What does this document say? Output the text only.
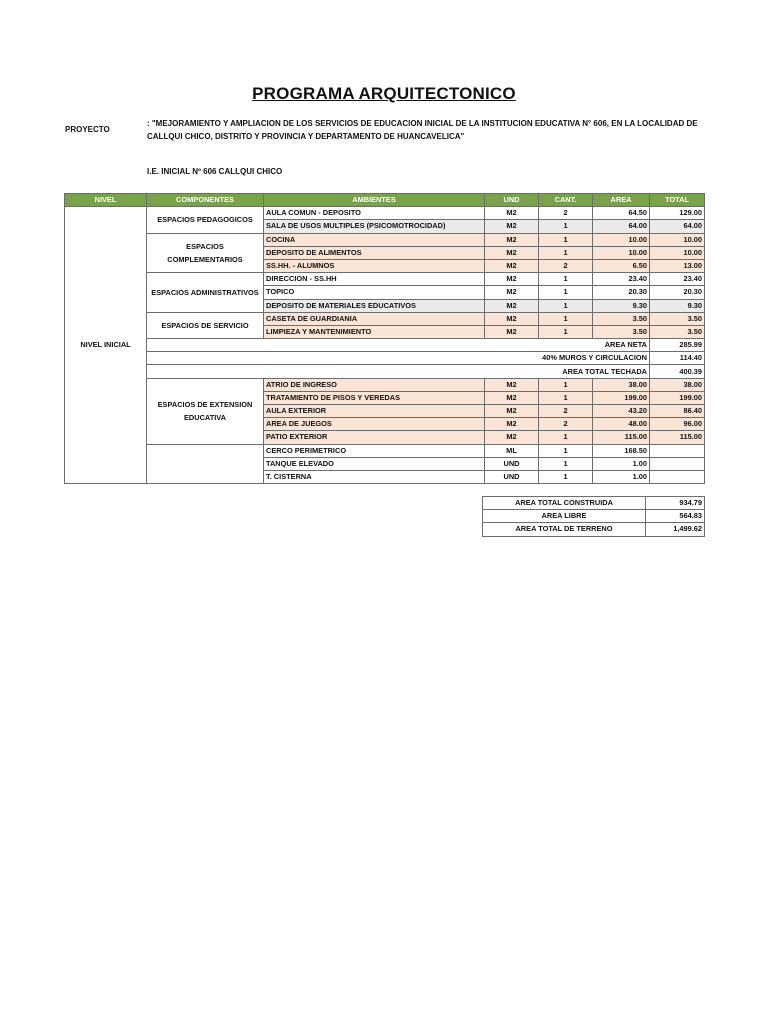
PROGRAMA ARQUITECTONICO
PROYECTO
: "MEJORAMIENTO Y AMPLIACION DE LOS SERVICIOS DE EDUCACION INICIAL DE LA INSTITUCION EDUCATIVA N° 606, EN LA LOCALIDAD DE
CALLQUI CHICO, DISTRITO Y PROVINCIA Y DEPARTAMENTO DE HUANCAVELICA"
I.E. INICIAL Nº 606 CALLQUI CHICO
NIVEL	COMPONENTES	AMBIENTES	UND	CANT.	AREA	TOTAL
NIVEL INICIAL	ESPACIOS PEDAGOGICOS	AULA COMUN - DEPOSITO	M2	2	64.50	129.00
		SALA DE USOS MULTIPLES (PSICOMOTROCIDAD)	M2	1	64.00	64.00
	ESPACIOS COMPLEMENTARIOS	COCINA	M2	1	10.00	10.00
		DEPOSITO DE ALIMENTOS	M2	1	10.00	10.00
		SS.HH. - ALUMNOS	M2	2	6.50	13.00
	ESPACIOS ADMINISTRATIVOS	DIRECCION - SS.HH	M2	1	23.40	23.40
		TOPICO	M2	1	20.30	20.30
		DEPOSITO DE MATERIALES EDUCATIVOS	M2	1	9.30	9.30
	ESPACIOS DE SERVICIO	CASETA DE GUARDIANIA	M2	1	3.50	3.50
		LIMPIEZA Y MANTENIMIENTO	M2	1	3.50	3.50
	AREA NETA					285.99
	40% MUROS Y CIRCULACION					114.40
	AREA TOTAL TECHADA					400.39
	ESPACIOS DE EXTENSION EDUCATIVA	ATRIO DE INGRESO	M2	1	38.00	38.00
		TRATAMIENTO DE PISOS Y VEREDAS	M2	1	199.00	199.00
		AULA EXTERIOR	M2	2	43.20	86.40
		AREA DE JUEGOS	M2	2	48.00	96.00
		PATIO EXTERIOR	M2	1	115.00	115.00
		CERCO PERIMETRICO	ML	1	168.50	
		TANQUE ELEVADO	UND	1	1.00	
		T. CISTERNA	UND	1	1.00	
AREA TOTAL CONSTRUIDA	934.79
AREA LIBRE	564.83
AREA TOTAL DE TERRENO	1,499.62
